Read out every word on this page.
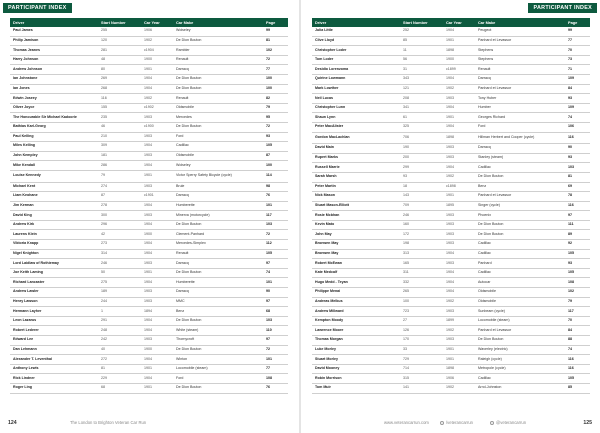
PARTICIPANT INDEX
Driver	Start Number	Car Year	Car Make	Page
Paul James	255	1906	Wolseley	99
Philip Jamison	120	1902	De Dion Bouton	81
Thomas Jeanes	281	c1904	Rambler	102
Harry Johnson	48	1900	Renault	72
Andrew Johnson	80	1901	Darracq	77
Ian Johnstone	269	1904	De Dion Bouton	100
Ian Jones	268	1904	De Dion Bouton	100
Edwin Joseey	116	1902	Renault	82
Oliver Joyce	155	c1902	Oldsmobile	79
The Honourable Sir Michael Kadoorie	235	1903	Mercedes	95
Bathias Karl-Georg	46	c1900	De Dion Bouton	72
Paul Kelling	210	1903	Ford	93
Miles Kelling	309	1904	Cadillac	105
John Kempley	181	1903	Oldsmobile	87
Mike Kendall	286	1904	Wolseley	100
Louise Kennedy	79	1901	Victor Sperry Safety Bicycle (cycle)	114
Michael Kent	274	1903	Brule	98
Liam Keohane	87	c1901	Darracq	76
Jim Kerman	278	1904	Humberette	101
David King	300	1903	Minerva (motorcycle)	117
Andrew Kirk	296	1904	De Dion Bouton	103
Laurens Klein	42	1900	Clement-Panhard	72
Viktoria Knapp	273	1904	Mercedes-Simplex	112
Nigel Knighton	314	1904	Renault	105
Lord Laidlaw of Rothiemay	246	1903	Darracq	97
Joe Keith Laming	50	1901	De Dion Bouton	74
Richard Lancaster	275	1904	Humberette	101
Andrew Lawler	189	1903	Darracq	90
Henry Lawson	244	1903	MMC	97
Hermann Layher	1	1894	Benz	68
Leon Lazarus	291	1904	De Dion Bouton	103
Robert Lederer	248	1904	White (steam)	110
Edward Lee	242	1903	Thornycroft	97
Dan Lehmann	40	1900	De Dion Bouton	72
Alexander T. Leventhal	272	1904	Winton	101
Anthony Lewis	81	1901	Locomobile (steam)	77
Rick Lindner	229	1904	Ford	108
Roger Ling	68	1901	De Dion Bouton	76
124	The London to Brighton Veteran Car Run
PARTICIPANT INDEX
Driver	Start Number	Car Year	Car Make	Page
Julia Little	252	1904	Peugeot	99
Clive Lloyd	85	1901	Panhard et Levassor	77
Christopher Loder	11	1898	Stephens	70
Tom Loder	56	1900	Stephens	73
Desidio Lorenzoma	31	c1899	Renault	71
Quirine Lowmann	343	1904	Darracq	109
Mark Lowther	121	1902	Panhard et Levassor	84
Neil Lucas	208	1903	Tony Huber	93
Christopher Lunn	341	1904	Humber	109
Shaun Lynn	61	1901	Georges Richard	74
Peter MacAlister	325	1904	Ford	106
Gordon MacLachlan	706	1898	Hillman Herbert and Cooper (cycle)	116
David Main	190	1903	Darracq	90
Rupert Marks	200	1903	Stanley (steam)	93
Russell Marrie	299	1904	Cadillac	103
Sarah Marsh	93	1902	De Dion Bouton	81
Peter Martin	18	c1898	Benz	69
Nick Mason	143	1901	Panhard et Levassor	78
Stuart Mason-Elliott	709	1895	Singer (cycle)	116
Rosie Mcbhan	246	1903	Phoenix	97
Kevin Mato	160	1903	De Dion Bouton	111
John May	172	1903	De Dion Bouton	89
Bronwen May	198	1903	Cadillac	92
Bronwen May	313	1904	Cadillac	105
Robert McEwan	165	1903	Panhard	93
Kate Medcalf	311	1904	Cadillac	105
Hugo Medd - Teyan	332	1904	Autocar	108
Philippe Menai	265	1904	Oldsmobile	102
Andreas Melkus	100	1902	Oldsmobile	79
Andrew Millward	723	1903	Sunbeam (cycle)	117
Kempton Moody	27	1899	Locomobile (steam)	70
Lawrence Moore	126	1902	Panhard et Levassor	84
Thomas Morgan	170	1903	De Dion Bouton	88
Luke Morley	33	1901	Waverley (electric)	74
Stuart Morley	729	1901	Raleigh (cycle)	116
David Mooney	714	1898	Metropole (cycle)	116
Robin Morrison	315	1906	Cadillac	105
Tom Muir	141	1902	Arrol-Johnston	85
www.veterancarrun.com	/veterancarrun	@veterancarrun	125
